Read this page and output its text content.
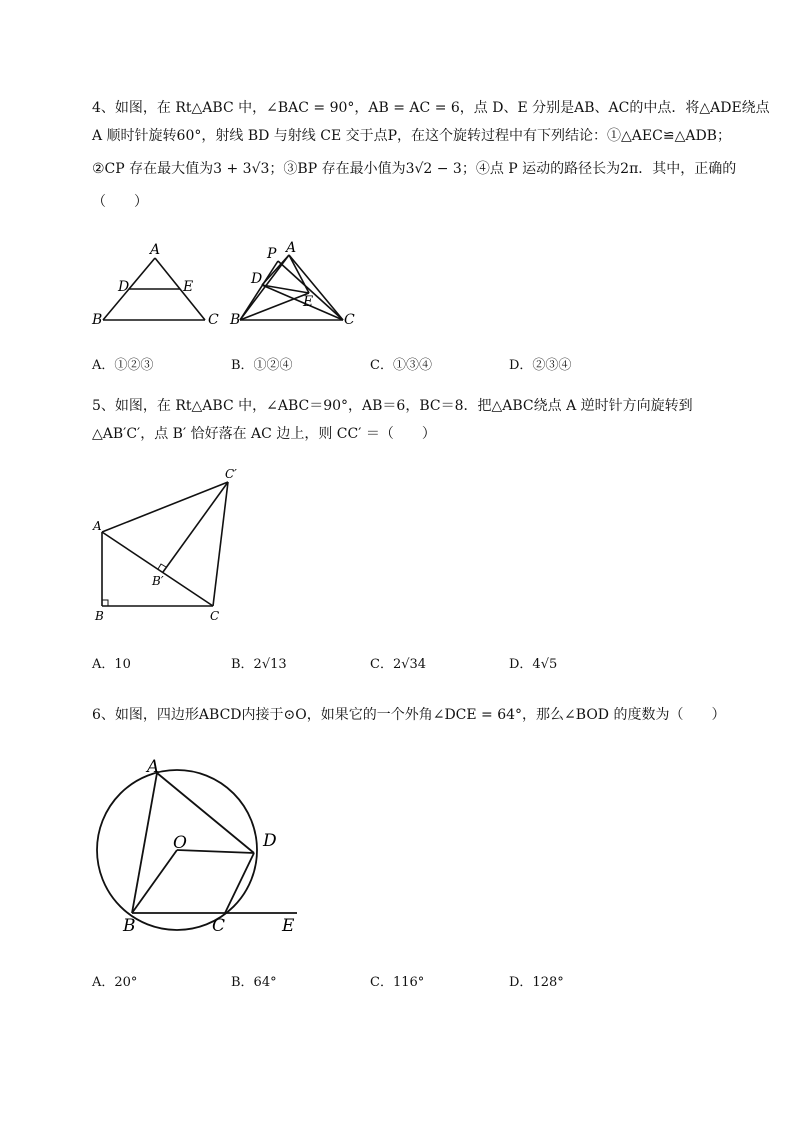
4、如图，在 Rt△ABC 中，∠BAC = 90°，AB = AC = 6，点 D、E 分别是AB、AC的中点．将△ADE绕点
A 顺时针旋转60°，射线 BD 与射线 CE 交于点P，在这个旋转过程中有下列结论：①△AEC≌△ADB；
②CP 存在最大值为3 + 3√3；③BP 存在最小值为3√2 − 3；④点 P 运动的路径长为2π．其中，正确的
（　　）
A
D	E
B	C
P A
D
E
B	C
A．①②③	B．①②④	C．①③④	D．②③④
5、如图，在 Rt△ABC 中，∠ABC＝90°，AB＝6，BC＝8．把△ABC绕点 A 逆时针方向旋转到
△AB′C′，点 B′ 恰好落在 AC 边上，则 CC′ ＝（　　）
C′
A
B′
B	C
A．10	B．2√13	C．2√34	D．4√5
6、如图，四边形ABCD内接于⊙O，如果它的一个外角∠DCE = 64°，那么∠BOD 的度数为（　　）
A
O	D
B	C	E
A．20°	B．64°	C．116°	D．128°
